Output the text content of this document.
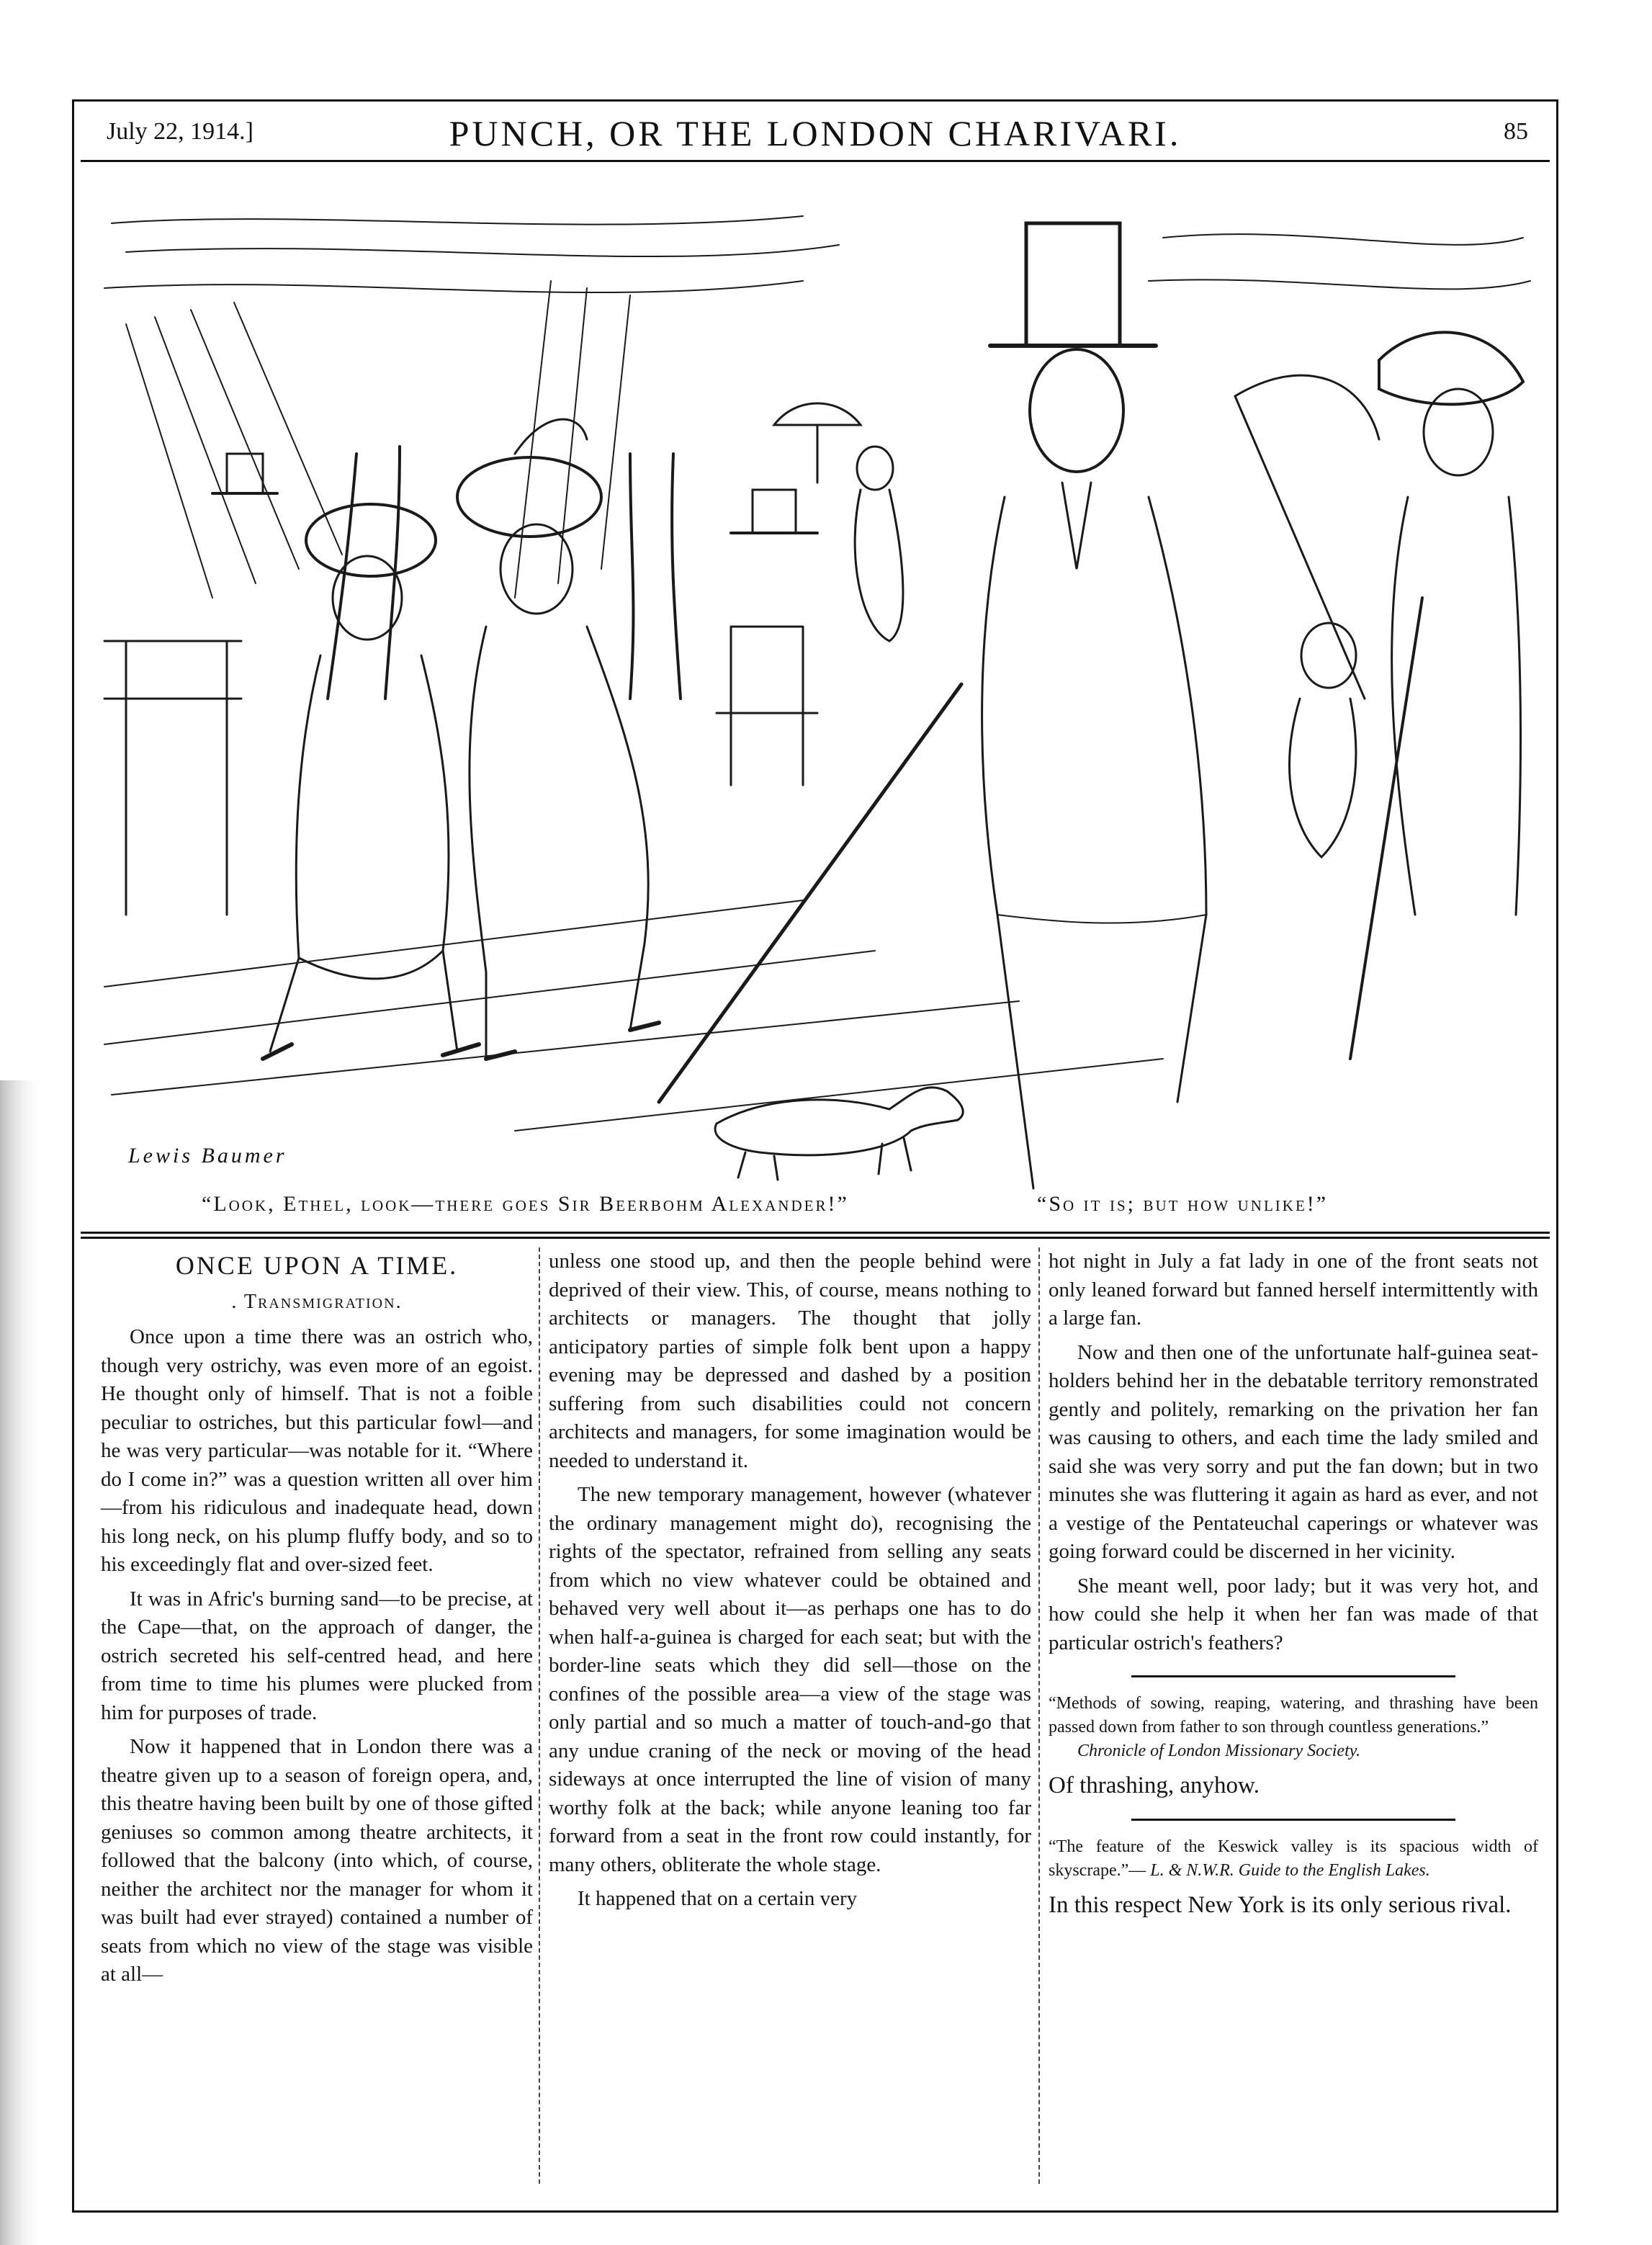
July 22, 1914.]	PUNCH, OR THE LONDON CHARIVARI.	85
Lewis Baumer
“Look, Ethel, look—there goes Sir Beerbohm Alexander!”	“So it is; but how unlike!”
ONCE UPON A TIME.
. Transmigration.

Once upon a time there was an ostrich who, though very ostrichy, was even more of an egoist. He thought only of himself. That is not a foible peculiar to ostriches, but this particular fowl—and he was very particular—was notable for it. “Where do I come in?” was a question written all over him—from his ridiculous and inadequate head, down his long neck, on his plump fluffy body, and so to his exceedingly flat and over-sized feet.

It was in Afric's burning sand—to be precise, at the Cape—that, on the approach of danger, the ostrich secreted his self-centred head, and here from time to time his plumes were plucked from him for purposes of trade.

Now it happened that in London there was a theatre given up to a season of foreign opera, and, this theatre having been built by one of those gifted geniuses so common among theatre architects, it followed that the balcony (into which, of course, neither the architect nor the manager for whom it was built had ever strayed) contained a number of seats from which no view of the stage was visible at all—

unless one stood up, and then the people behind were deprived of their view. This, of course, means nothing to architects or managers. The thought that jolly anticipatory parties of simple folk bent upon a happy evening may be depressed and dashed by a position suffering from such disabilities could not concern architects and managers, for some imagination would be needed to understand it.

The new temporary management, however (whatever the ordinary management might do), recognising the rights of the spectator, refrained from selling any seats from which no view whatever could be obtained and behaved very well about it—as perhaps one has to do when half-a-guinea is charged for each seat; but with the border-line seats which they did sell—those on the confines of the possible area—a view of the stage was only partial and so much a matter of touch-and-go that any undue craning of the neck or moving of the head sideways at once interrupted the line of vision of many worthy folk at the back; while anyone leaning too far forward from a seat in the front row could instantly, for many others, obliterate the whole stage.

It happened that on a certain very

hot night in July a fat lady in one of the front seats not only leaned forward but fanned herself intermittently with a large fan.

Now and then one of the unfortunate half-guinea seat-holders behind her in the debatable territory remonstrated gently and politely, remarking on the privation her fan was causing to others, and each time the lady smiled and said she was very sorry and put the fan down; but in two minutes she was fluttering it again as hard as ever, and not a vestige of the Pentateuchal caperings or whatever was going forward could be discerned in her vicinity.

She meant well, poor lady; but it was very hot, and how could she help it when her fan was made of that particular ostrich's feathers?

“Methods of sowing, reaping, watering, and thrashing have been passed down from father to son through countless generations.”
Chronicle of London Missionary Society.
Of thrashing, anyhow.
“The feature of the Keswick valley is its spacious width of skyscrape.”— L. & N.W.R. Guide to the English Lakes.
In this respect New York is its only serious rival.
